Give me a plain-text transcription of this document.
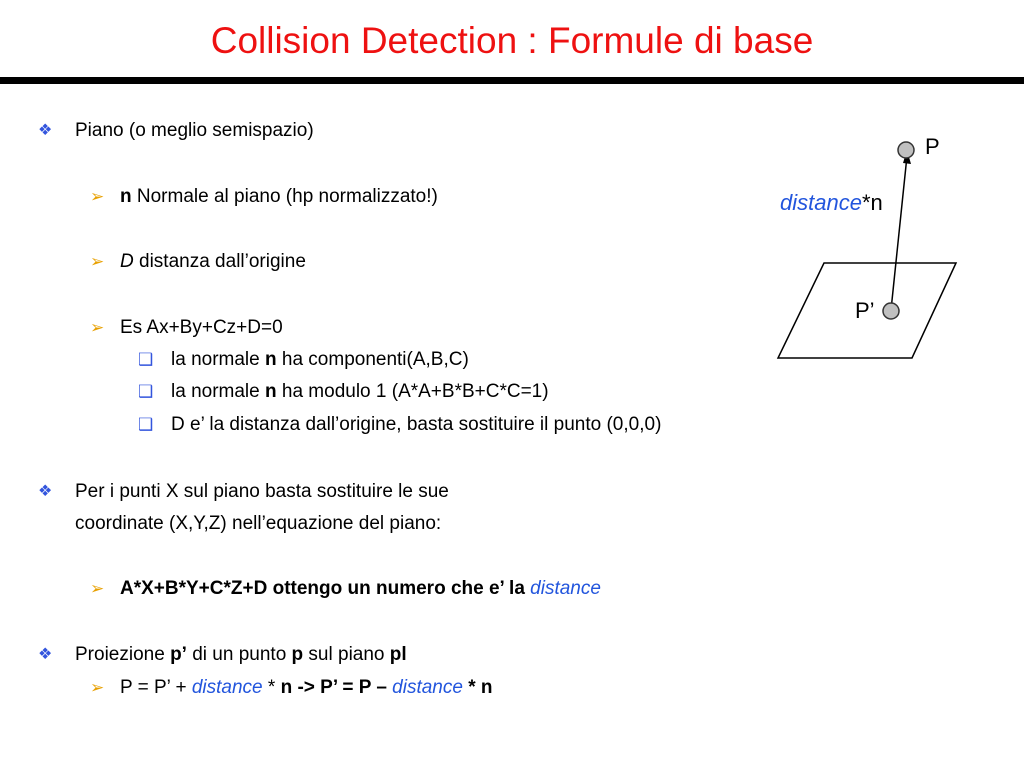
Collision Detection : Formule di base
❖ Piano (o meglio semispazio)
➢ n Normale al piano (hp normalizzato!)
➢ D distanza dall’origine
➢ Es Ax+By+Cz+D=0
❑ la normale n ha componenti(A,B,C)
❑ la normale n ha modulo 1 (A*A+B*B+C*C=1)
❑ D e’ la distanza dall’origine, basta sostituire il punto (0,0,0)
❖ Per i punti X sul piano basta sostituire le sue
coordinate (X,Y,Z) nell’equazione del piano:
➢ A*X+B*Y+C*Z+D ottengo un numero che e’ la distance
❖ Proiezione p’ di un punto p sul piano pl
➢ P = P’ + distance * n -> P’ = P – distance * n
P
P’
distance*n
